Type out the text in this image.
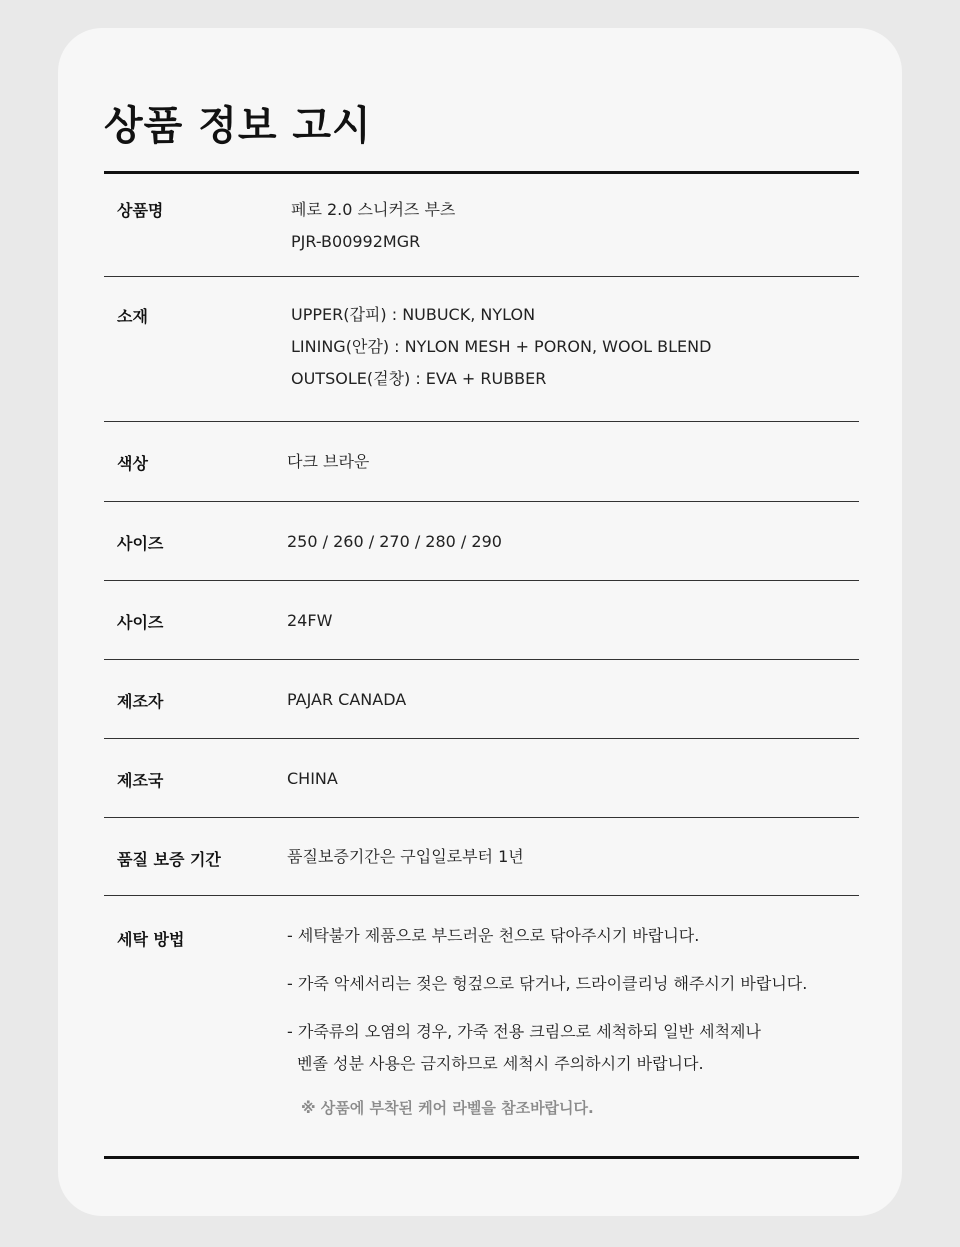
상품 정보 고시
상품명	페로 2.0 스니커즈 부츠
PJR-B00992MGR
소재	UPPER(갑피) : NUBUCK, NYLON
LINING(안감) : NYLON MESH + PORON, WOOL BLEND
OUTSOLE(겉창) : EVA + RUBBER
색상	다크 브라운
사이즈	250 / 260 / 270 / 280 / 290
사이즈	24FW
제조자	PAJAR CANADA
제조국	CHINA
품질 보증 기간	품질보증기간은 구입일로부터 1년
세탁 방법	- 세탁불가 제품으로 부드러운 천으로 닦아주시기 바랍니다.
- 가죽 악세서리는 젖은 헝겊으로 닦거나, 드라이클리닝 해주시기 바랍니다.
- 가죽류의 오염의 경우, 가죽 전용 크림으로 세척하되 일반 세척제나
벤졸 성분 사용은 금지하므로 세척시 주의하시기 바랍니다.
※ 상품에 부착된 케어 라벨을 참조바랍니다.
